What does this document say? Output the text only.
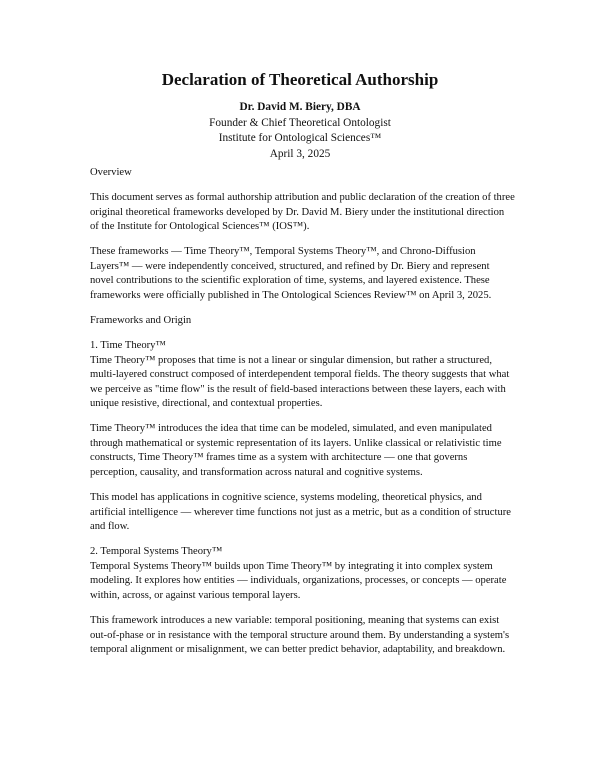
Declaration of Theoretical Authorship
Dr. David M. Biery, DBA
Founder & Chief Theoretical Ontologist
Institute for Ontological Sciences™
April 3, 2025

Overview

This document serves as formal authorship attribution and public declaration of the creation of three original theoretical frameworks developed by Dr. David M. Biery under the institutional direction of the Institute for Ontological Sciences™ (IOS™).

These frameworks — Time Theory™, Temporal Systems Theory™, and Chrono-Diffusion Layers™ — were independently conceived, structured, and refined by Dr. Biery and represent novel contributions to the scientific exploration of time, systems, and layered existence. These frameworks were officially published in The Ontological Sciences Review™ on April 3, 2025.

Frameworks and Origin

1. Time Theory™

Time Theory™ proposes that time is not a linear or singular dimension, but rather a structured, multi-layered construct composed of interdependent temporal fields. The theory suggests that what we perceive as "time flow" is the result of field-based interactions between these layers, each with unique resistive, directional, and contextual properties.

Time Theory™ introduces the idea that time can be modeled, simulated, and even manipulated through mathematical or systemic representation of its layers. Unlike classical or relativistic time constructs, Time Theory™ frames time as a system with architecture — one that governs perception, causality, and transformation across natural and cognitive systems.

This model has applications in cognitive science, systems modeling, theoretical physics, and artificial intelligence — wherever time functions not just as a metric, but as a condition of structure and flow.

2. Temporal Systems Theory™

Temporal Systems Theory™ builds upon Time Theory™ by integrating it into complex system modeling. It explores how entities — individuals, organizations, processes, or concepts — operate within, across, or against various temporal layers.

This framework introduces a new variable: temporal positioning, meaning that systems can exist out-of-phase or in resistance with the temporal structure around them. By understanding a system's temporal alignment or misalignment, we can better predict behavior, adaptability, and breakdown.
